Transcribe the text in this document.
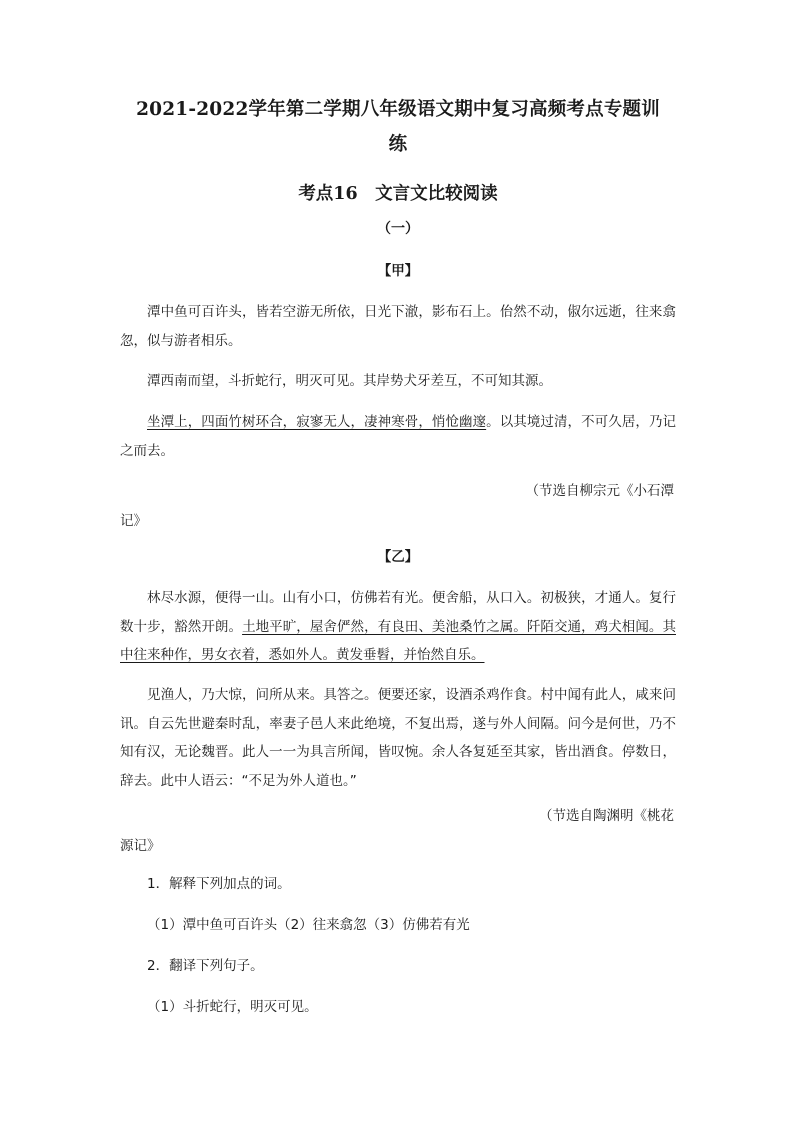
2021-2022学年第二学期八年级语文期中复习高频考点专题训
练
考点16　文言文比较阅读
（一）
【甲】

潭中鱼可百许头，皆若空游无所依，日光下澈，影布石上。佁然不动，俶尔远逝，往来翕忽，似与游者相乐。

潭西南而望，斗折蛇行，明灭可见。其岸势犬牙差互，不可知其源。

坐潭上，四面竹树环合，寂寥无人，凄神寒骨，悄怆幽邃。以其境过清，不可久居，乃记之而去。

（节选自柳宗元《小石潭
记》
【乙】

林尽水源，便得一山。山有小口，仿佛若有光。便舍船，从口入。初极狭，才通人。复行数十步，豁然开朗。土地平旷，屋舍俨然，有良田、美池桑竹之属。阡陌交通，鸡犬相闻。其中往来种作，男女衣着，悉如外人。黄发垂髫，并怡然自乐。

见渔人，乃大惊，问所从来。具答之。便要还家，设酒杀鸡作食。村中闻有此人，咸来问讯。自云先世避秦时乱，率妻子邑人来此绝境，不复出焉，遂与外人间隔。问今是何世，乃不知有汉，无论魏晋。此人一一为具言所闻，皆叹惋。余人各复延至其家，皆出酒食。停数日，辞去。此中人语云：“不足为外人道也。”

（节选自陶渊明《桃花
源记》

1．解释下列加点的词。

（1）潭中鱼可百许头（2）往来翕忽（3）仿佛若有光

2．翻译下列句子。

（1）斗折蛇行，明灭可见。
